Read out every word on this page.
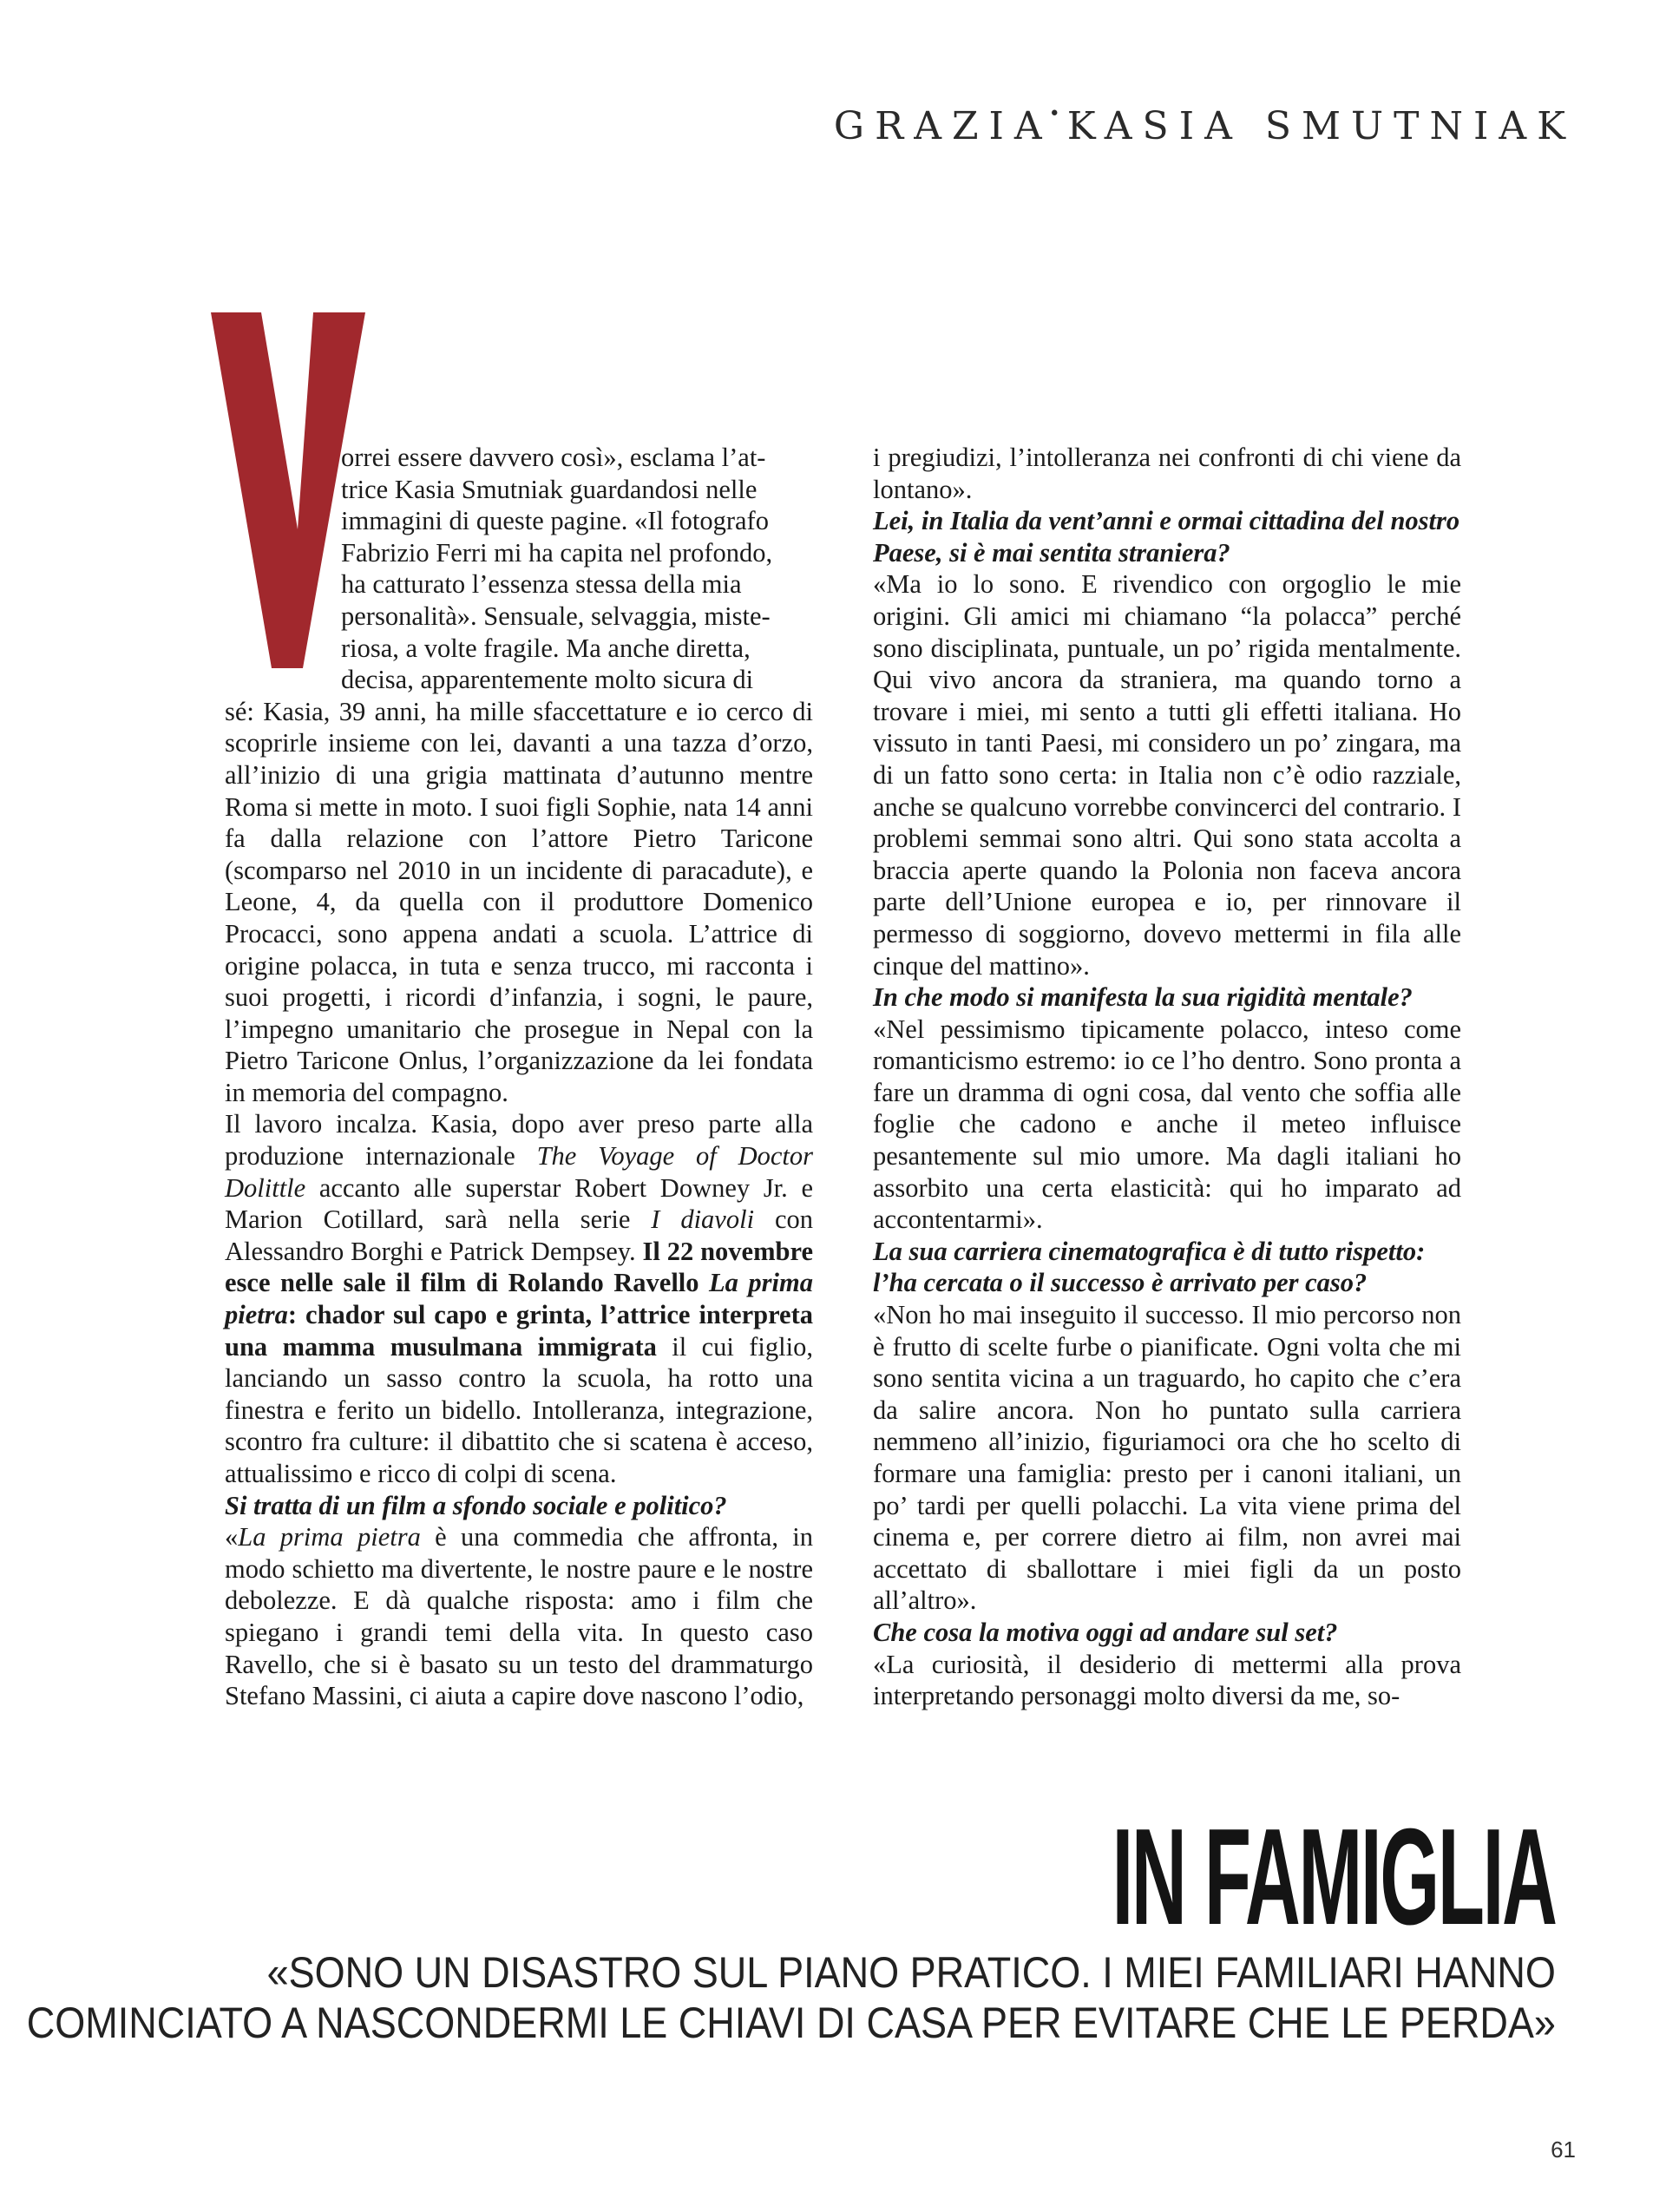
GRAZIA
• KASIA SMUTNIAK

orrei essere davvero così», esclama l’at-

trice Kasia Smutniak guardandosi nelle

immagini di queste pagine. «Il fotografo

Fabrizio Ferri mi ha capita nel profondo,

ha catturato l’essenza stessa della mia

personalità». Sensuale, selvaggia, miste-

riosa, a volte fragile. Ma anche diretta,

decisa, apparentemente molto sicura di

sé: Kasia, 39 anni, ha mille sfaccettature e io cerco di scoprirle insieme con lei, davanti a una tazza d’orzo, all’inizio di una grigia mattinata d’autunno mentre Roma si mette in moto. I suoi figli Sophie, nata 14 anni fa dalla relazione con l’attore Pietro Taricone (scomparso nel 2010 in un incidente di paracadute), e Leone, 4, da quella con il produttore Domenico Procacci, sono appena andati a scuola. L’attrice di origine polacca, in tuta e senza trucco, mi racconta i suoi progetti, i ricordi d’infanzia, i sogni, le paure, l’impegno umanitario che prosegue in Nepal con la Pietro Taricone Onlus, l’organizzazione da lei fondata in memoria del compagno.

Il lavoro incalza. Kasia, dopo aver preso parte alla produzione internazionale The Voyage of Doctor Dolittle accanto alle superstar Robert Downey Jr. e Marion Cotillard, sarà nella serie I diavoli con Alessandro Borghi e Patrick Dempsey. Il 22 novembre esce nelle sale il film di Rolando Ravello La prima pietra: chador sul capo e grinta, l’attrice interpreta una mamma musulmana immigrata il cui figlio, lanciando un sasso contro la scuola, ha rotto una finestra e ferito un bidello. Intolleranza, integrazione, scontro fra culture: il dibattito che si scatena è acceso, attualissimo e ricco di colpi di scena.

Si tratta di un film a sfondo sociale e politico?

«La prima pietra è una commedia che affronta, in modo schietto ma divertente, le nostre paure e le nostre debolezze. E dà qualche risposta: amo i film che spiegano i grandi temi della vita. In questo caso Ravello, che si è basato su un testo del drammaturgo Stefano Massini, ci aiuta a capire dove nascono l’odio,

i pregiudizi, l’intolleranza nei confronti di chi viene da lontano».

Lei, in Italia da vent’anni e ormai cittadina del nostro Paese, si è mai sentita straniera?

«Ma io lo sono. E rivendico con orgoglio le mie origini. Gli amici mi chiamano “la polacca” perché sono disciplinata, puntuale, un po’ rigida mentalmente. Qui vivo ancora da straniera, ma quando torno a trovare i miei, mi sento a tutti gli effetti italiana. Ho vissuto in tanti Paesi, mi considero un po’ zingara, ma di un fatto sono certa: in Italia non c’è odio razziale, anche se qualcuno vorrebbe convincerci del contrario. I problemi semmai sono altri. Qui sono stata accolta a braccia aperte quando la Polonia non faceva ancora parte dell’Unione europea e io, per rinnovare il permesso di soggiorno, dovevo mettermi in fila alle cinque del mattino».

In che modo si manifesta la sua rigidità mentale?

«Nel pessimismo tipicamente polacco, inteso come romanticismo estremo: io ce l’ho dentro. Sono pronta a fare un dramma di ogni cosa, dal vento che soffia alle foglie che cadono e anche il meteo influisce pesantemente sul mio umore. Ma dagli italiani ho assorbito una certa elasticità: qui ho imparato ad accontentarmi».

La sua carriera cinematografica è di tutto rispetto: l’ha cercata o il successo è arrivato per caso?

«Non ho mai inseguito il successo. Il mio percorso non è frutto di scelte furbe o pianificate. Ogni volta che mi sono sentita vicina a un traguardo, ho capito che c’era da salire ancora. Non ho puntato sulla carriera nemmeno all’inizio, figuriamoci ora che ho scelto di formare una famiglia: presto per i canoni italiani, un po’ tardi per quelli polacchi. La vita viene prima del cinema e, per correre dietro ai film, non avrei mai accettato di sballottare i miei figli da un posto all’altro».

Che cosa la motiva oggi ad andare sul set?

«La curiosità, il desiderio di mettermi alla prova interpretando personaggi molto diversi da me, so-

IN FAMIGLIA
«SONO UN DISASTRO SUL PIANO PRATICO. I MIEI FAMILIARI HANNO
COMINCIATO A NASCONDERMI LE CHIAVI DI CASA PER EVITARE CHE LE PERDA»
61
